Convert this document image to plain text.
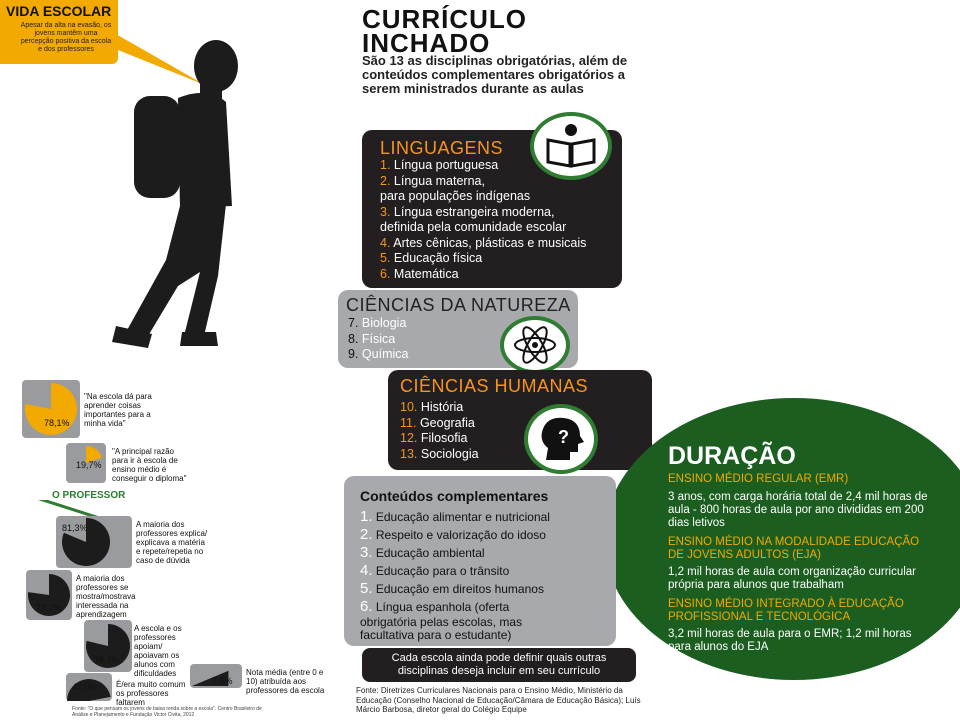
VIDA ESCOLAR
Apesar da alta na evasão, os jovens mantêm uma percepção positiva da escola e dos professores
CURRÍCULO
INCHADO
São 13 as disciplinas obrigatórias, além de conteúdos complementares obrigatórios a serem ministrados durante as aulas
LINGUAGENS
1. Língua portuguesa
2. Língua materna,
para populações indígenas
3. Língua estrangeira moderna,
definida pela comunidade escolar
4. Artes cênicas, plásticas e musicais
5. Educação física
6. Matemática
CIÊNCIAS DA NATUREZA
7. Biologia
8. Física
9. Química
CIÊNCIAS HUMANAS
10. História
11. Geografia
12. Filosofia
13. Sociologia
?
DURAÇÃO
ENSINO MÉDIO REGULAR (EMR)
3 anos, com carga horária total de 2,4 mil horas de aula - 800 horas de aula por ano divididas em 200 dias letivos
ENSINO MÉDIO NA MODALIDADE EDUCAÇÃO DE JOVENS ADULTOS (EJA)
1,2 mil horas de aula com organização curricular própria para alunos que trabalham
ENSINO MÉDIO INTEGRADO À EDUCAÇÃO PROFISSIONAL E TECNOLÓGICA
3,2 mil horas de aula para o EMR; 1,2 mil horas para alunos do EJA
Conteúdos complementares
1. Educação alimentar e nutricional
2. Respeito e valorização do idoso
3. Educação ambiental
4. Educação para o trânsito
5. Educação em direitos humanos
6. Língua espanhola (oferta
obrigatória pelas escolas, mas
facultativa para o estudante)
Cada escola ainda pode definir quais outras disciplinas deseja incluir em seu currículo
Fonte: Diretrizes Curriculares Nacionais para o Ensino Médio, Ministério da Educação (Conselho Nacional de Educação/Câmara de Educação Básica); Luís Márcio Barbosa, diretor geral do Colégio Equipe
78,1%
"Na escola dá para aprender coisas importantes para a minha vida"
19,7%
"A principal razão para ir à escola de ensino médio é conseguir o diploma"
O PROFESSOR
81,3%	A maioria dos professores explica/ explicava a matéria e repete/repetia no caso de dúvida
77,2%
A maioria dos professores se mostra/mostrava interessada na aprendizagem
78,7%
A escola e os professores apoiam/ apoiavam os alunos com dificuldades
47,0% É/era muito comum os professores faltarem
7,6%
Nota média (entre 0 e 10) atribuída aos professores da escola
Fonte: "O que pensam os jovens de baixa renda sobre a escola". Centro Brasileiro de Análise e Planejamento e Fundação Victor Civita, 2012
